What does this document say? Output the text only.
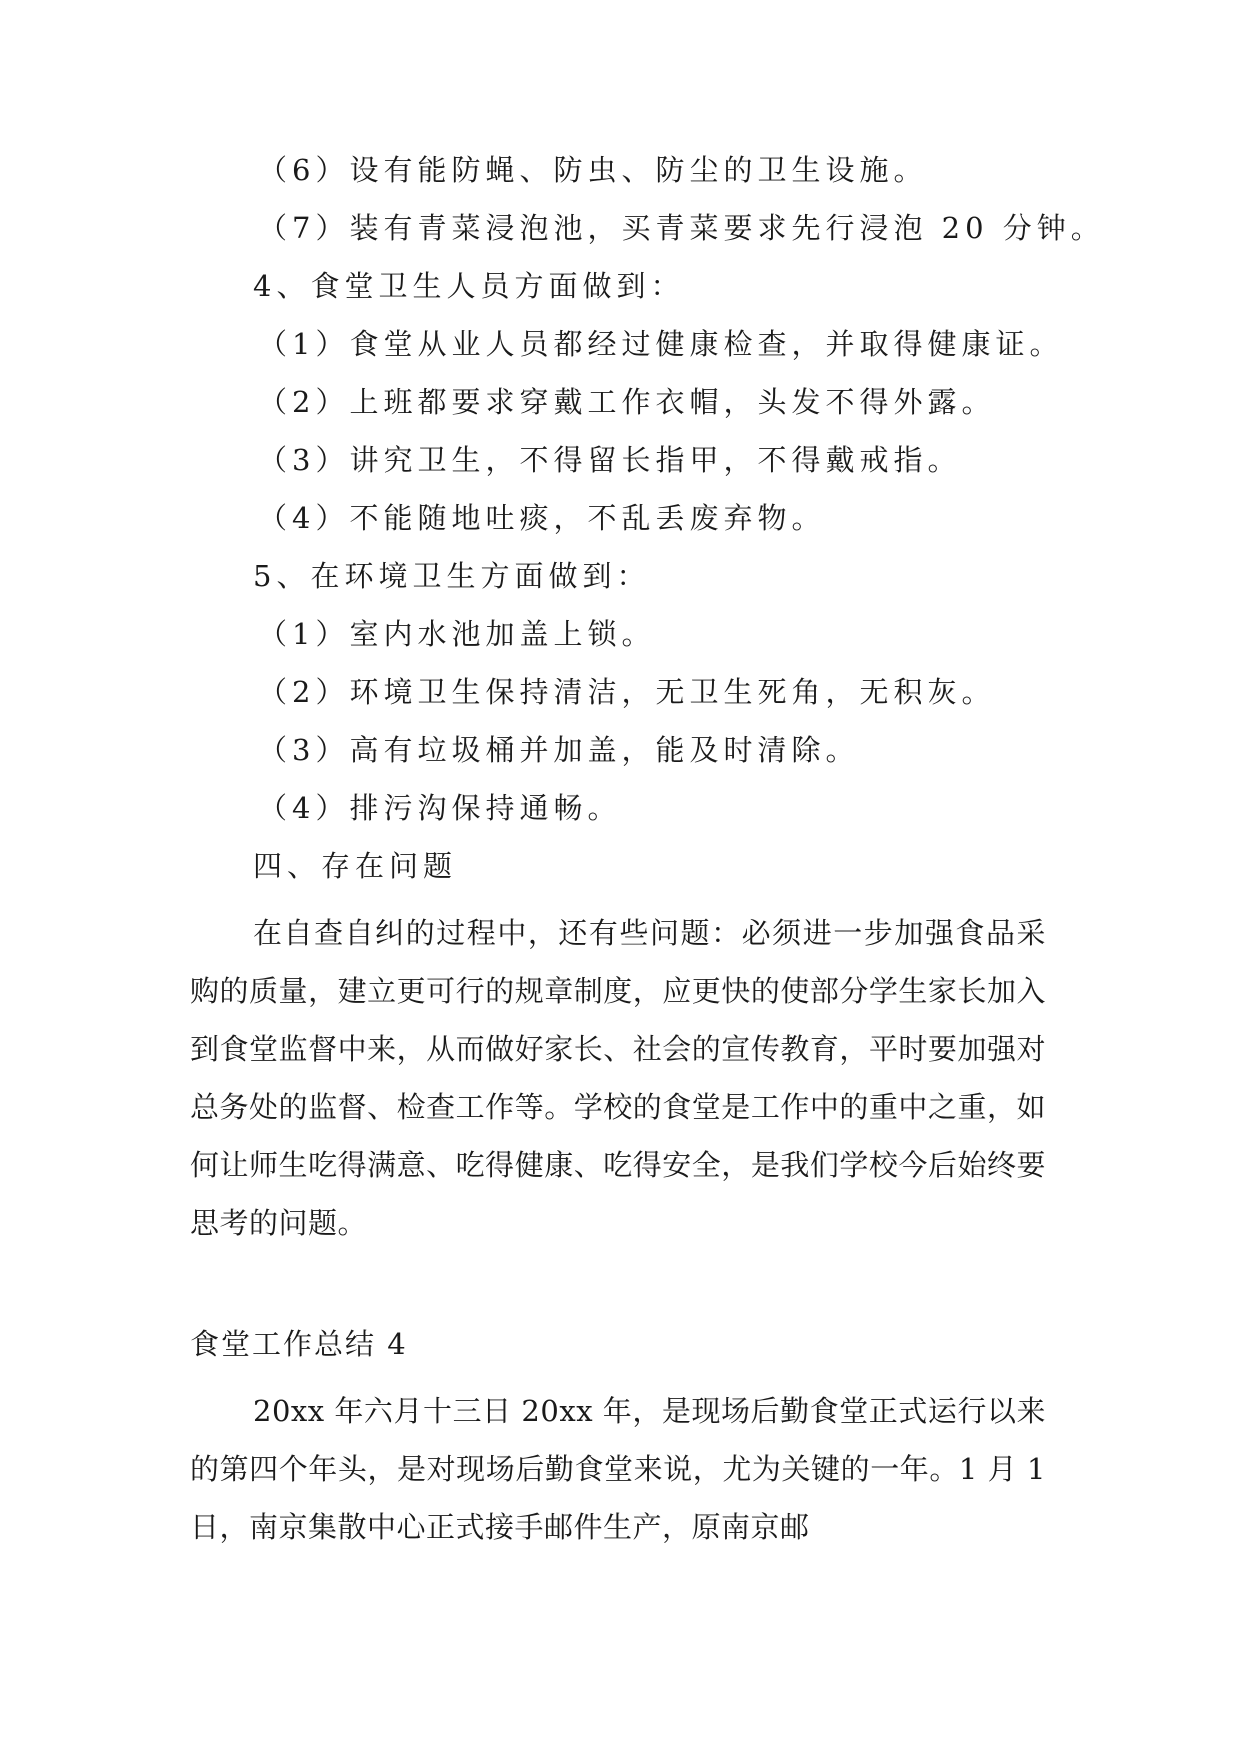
（6）设有能防蝇、防虫、防尘的卫生设施。
（7）装有青菜浸泡池，买青菜要求先行浸泡 20 分钟。
4、食堂卫生人员方面做到：
（1）食堂从业人员都经过健康检查，并取得健康证。
（2）上班都要求穿戴工作衣帽，头发不得外露。
（3）讲究卫生，不得留长指甲，不得戴戒指。
（4）不能随地吐痰，不乱丢废弃物。
5、在环境卫生方面做到：
（1）室内水池加盖上锁。
（2）环境卫生保持清洁，无卫生死角，无积灰。
（3）高有垃圾桶并加盖，能及时清除。
（4）排污沟保持通畅。
四、存在问题
在自查自纠的过程中，还有些问题：必须进一步加强食品采购的质量，建立更可行的规章制度，应更快的使部分学生家长加入到食堂监督中来，从而做好家长、社会的宣传教育，平时要加强对总务处的监督、检查工作等。学校的食堂是工作中的重中之重，如何让师生吃得满意、吃得健康、吃得安全，是我们学校今后始终要思考的问题。
食堂工作总结 4
20xx 年六月十三日 20xx 年，是现场后勤食堂正式运行以来的第四个年头，是对现场后勤食堂来说，尤为关键的一年。1 月 1 日，南京集散中心正式接手邮件生产，原南京邮
